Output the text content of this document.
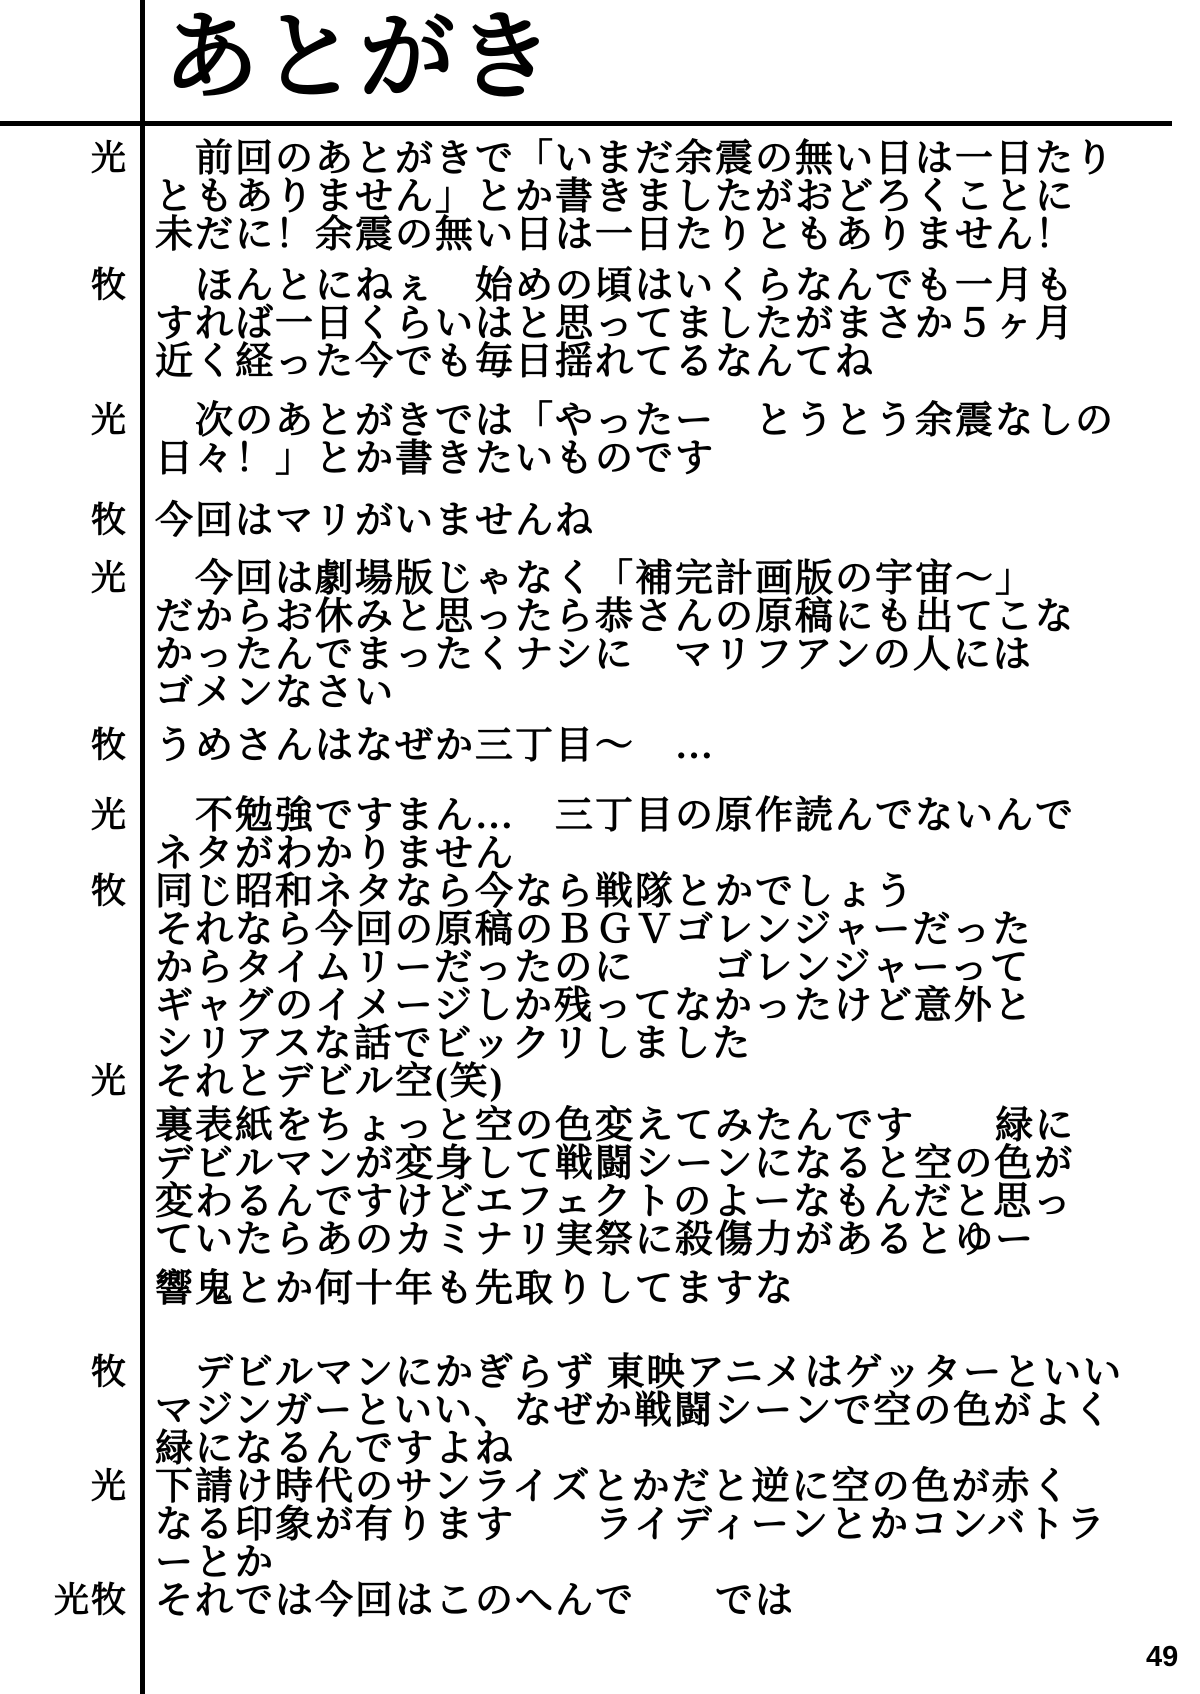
あとがき
光 　前回のあとがきで「いまだ余震の無い日は一日たり
ともありません」とか書きましたがおどろくことに
未だに！余震の無い日は一日たりともありません！
牧 　ほんとにねぇ　始めの頃はいくらなんでも一月も
すれば一日くらいはと思ってましたがまさか５ヶ月
近く経った今でも毎日揺れてるなんてね
光 　次のあとがきでは「やったー　とうとう余震なしの
日々！」とか書きたいものです
牧 今回はマリがいませんね
光 　今回は劇場版じゃなく「補完計画版の宇宙〜」
だからお休みと思ったら恭さんの原稿にも出てこな
かったんでまったくナシに　マリフアンの人には
ゴメンなさい
牧 うめさんはなぜか三丁目〜　…
光 　不勉強ですまん…　三丁目の原作読んでないんで
ネタがわかりません
牧 同じ昭和ネタなら今なら戦隊とかでしょう
それなら今回の原稿のＢＧＶゴレンジャーだった
からタイムリーだったのに　　ゴレンジャーって
ギャグのイメージしか残ってなかったけど意外と
シリアスな話でビックリしました
光 それとデビル空(笑)
裏表紙をちょっと空の色変えてみたんです　　緑に
デビルマンが変身して戦闘シーンになると空の色が
変わるんですけどエフェクトのよーなもんだと思っ
ていたらあのカミナリ実祭に殺傷力があるとゆー
響鬼とか何十年も先取りしてますな
牧 　デビルマンにかぎらず 東映アニメはゲッターといい
マジンガーといい、なぜか戦闘シーンで空の色がよく
緑になるんですよね
光 下請け時代のサンライズとかだと逆に空の色が赤く
なる印象が有ります　　ライディーンとかコンバトラ
ーとか
光牧 それでは今回はこのへんで　　では
49
